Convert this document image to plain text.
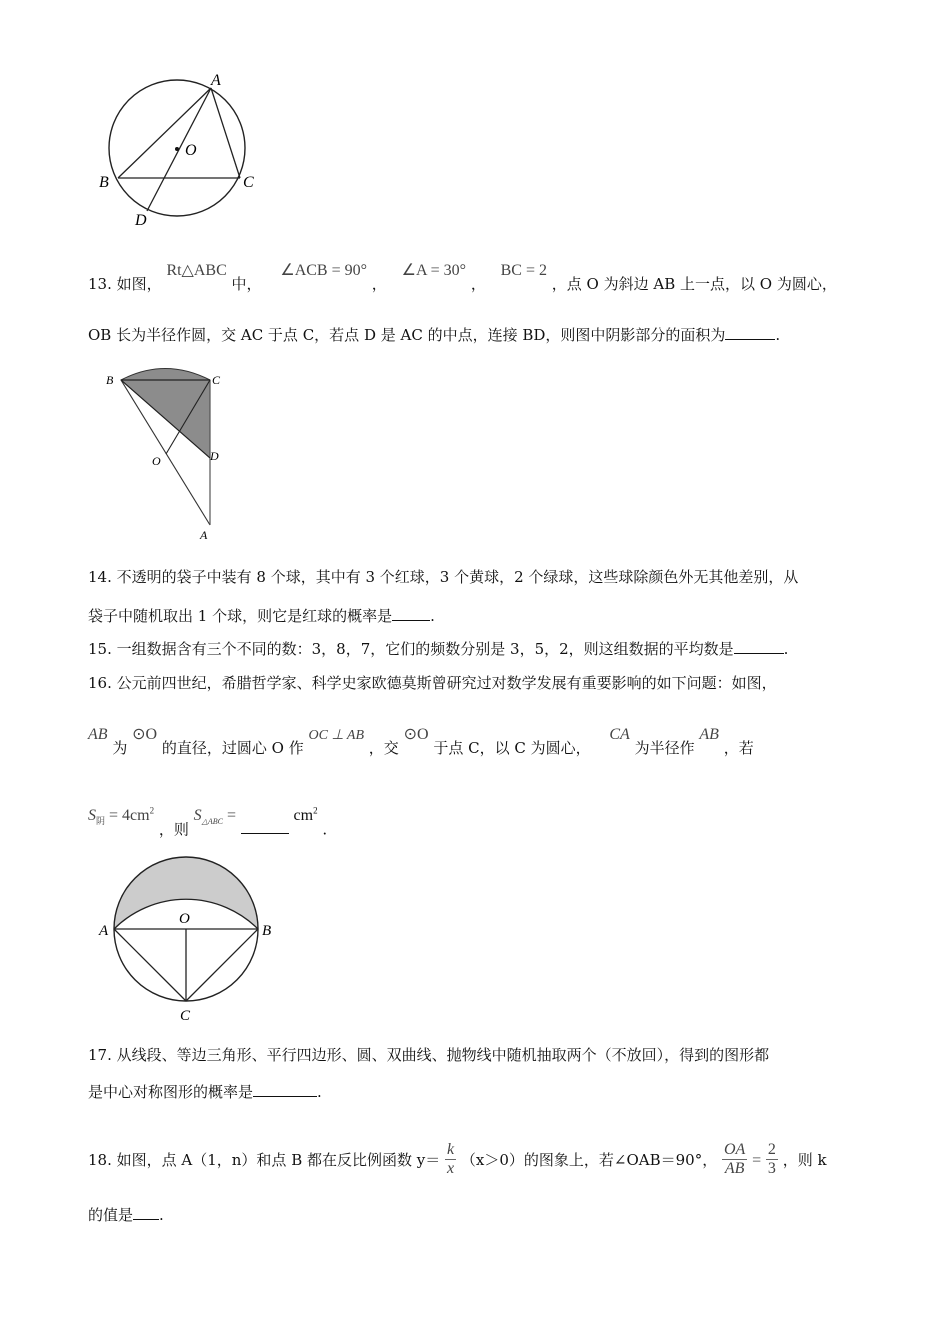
A
B	C
D
O
13. 如图， Rt△ABC 中， ∠ACB = 90° ， ∠A = 30° ， BC = 2 ，点 O 为斜边 AB 上一点，以 O 为圆心，
OB 长为半径作圆，交 AC 于点 C，若点 D 是 AC 的中点，连接 BD，则图中阴影部分的面积为	.
B	C
D
O
A
14. 不透明的袋子中装有 8 个球，其中有 3 个红球，3 个黄球，2 个绿球，这些球除颜色外无其他差别，从
袋子中随机取出 1 个球，则它是红球的概率是	.
15. 一组数据含有三个不同的数：3，8，7，它们的频数分别是 3，5，2，则这组数据的平均数是	.
16. 公元前四世纪，希腊哲学家、科学史家欧德莫斯曾研究过对数学发展有重要影响的如下问题：如图，
AB 为 ⊙O 的直径，过圆心 O 作 OC ⊥ AB ，交 ⊙O 于点 C，以 C 为圆心， CA 为半径作 AB ，若
$S_阴 = 4cm^2$ ，则 $S_{\triangle ABC}$ =	$cm^2$ .
A	B
O
C
17. 从线段、等边三角形、平行四边形、圆、双曲线、抛物线中随机抽取两个（不放回），得到的图形都
是中心对称图形的概率是	.
18. 如图，点 A（1，n）和点 B 都在反比例函数 $y= \frac{k}{x} (x>0)$的图象上，若∠OAB＝90°， $\frac{OA}{AB} = \frac{2}{3}$ ，则 k
的值是 .
